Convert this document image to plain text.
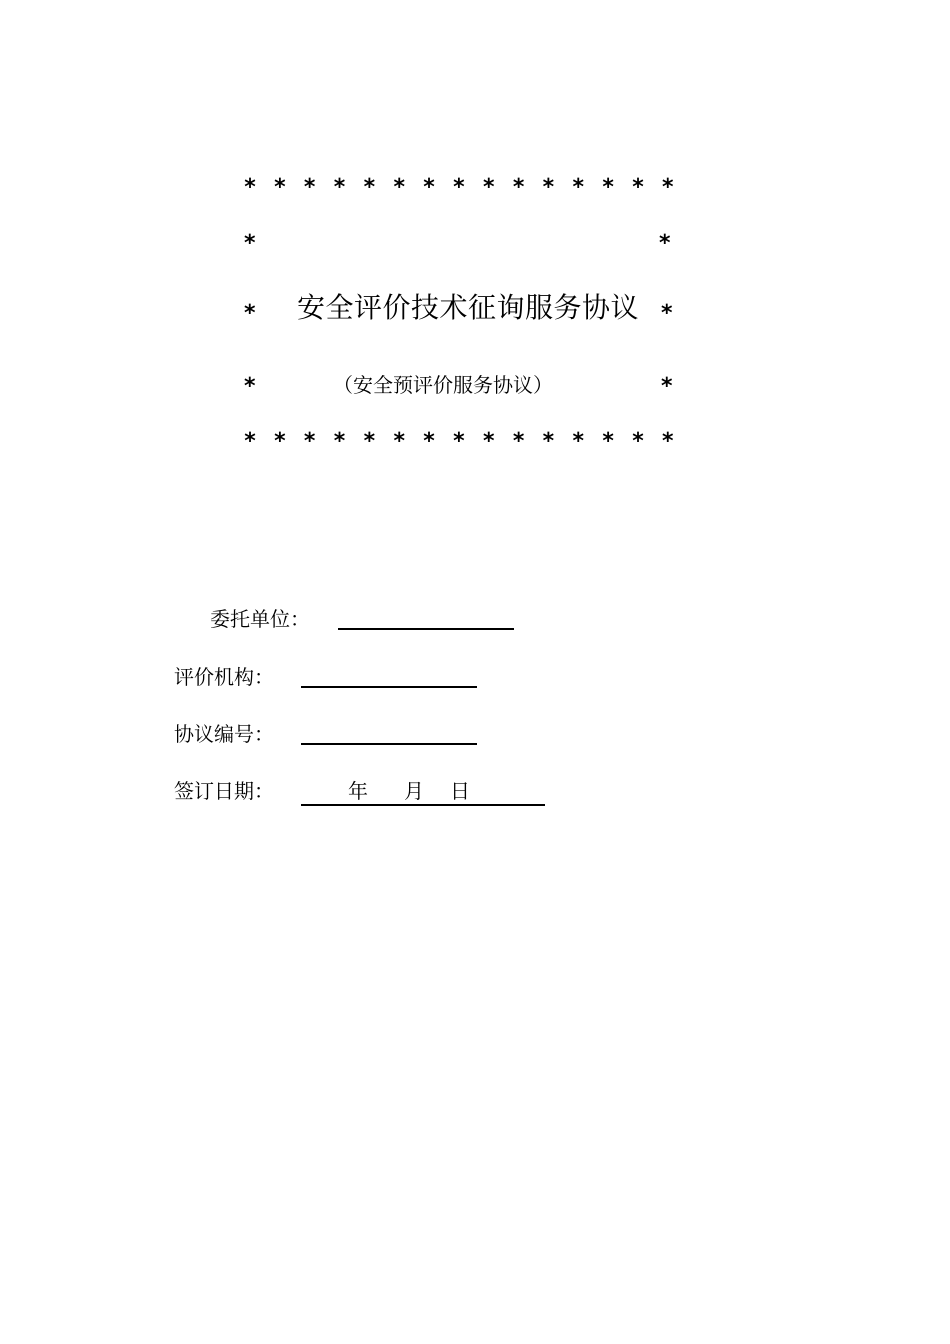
* * * * * * * * * * * * * * *
*	*
* 安全评价技术征询服务协议 *
*	（安全预评价服务协议）	*
* * * * * * * * * * * * * * *
委托单位：
评价机构：
协议编号：
签订日期：	年 月 日
